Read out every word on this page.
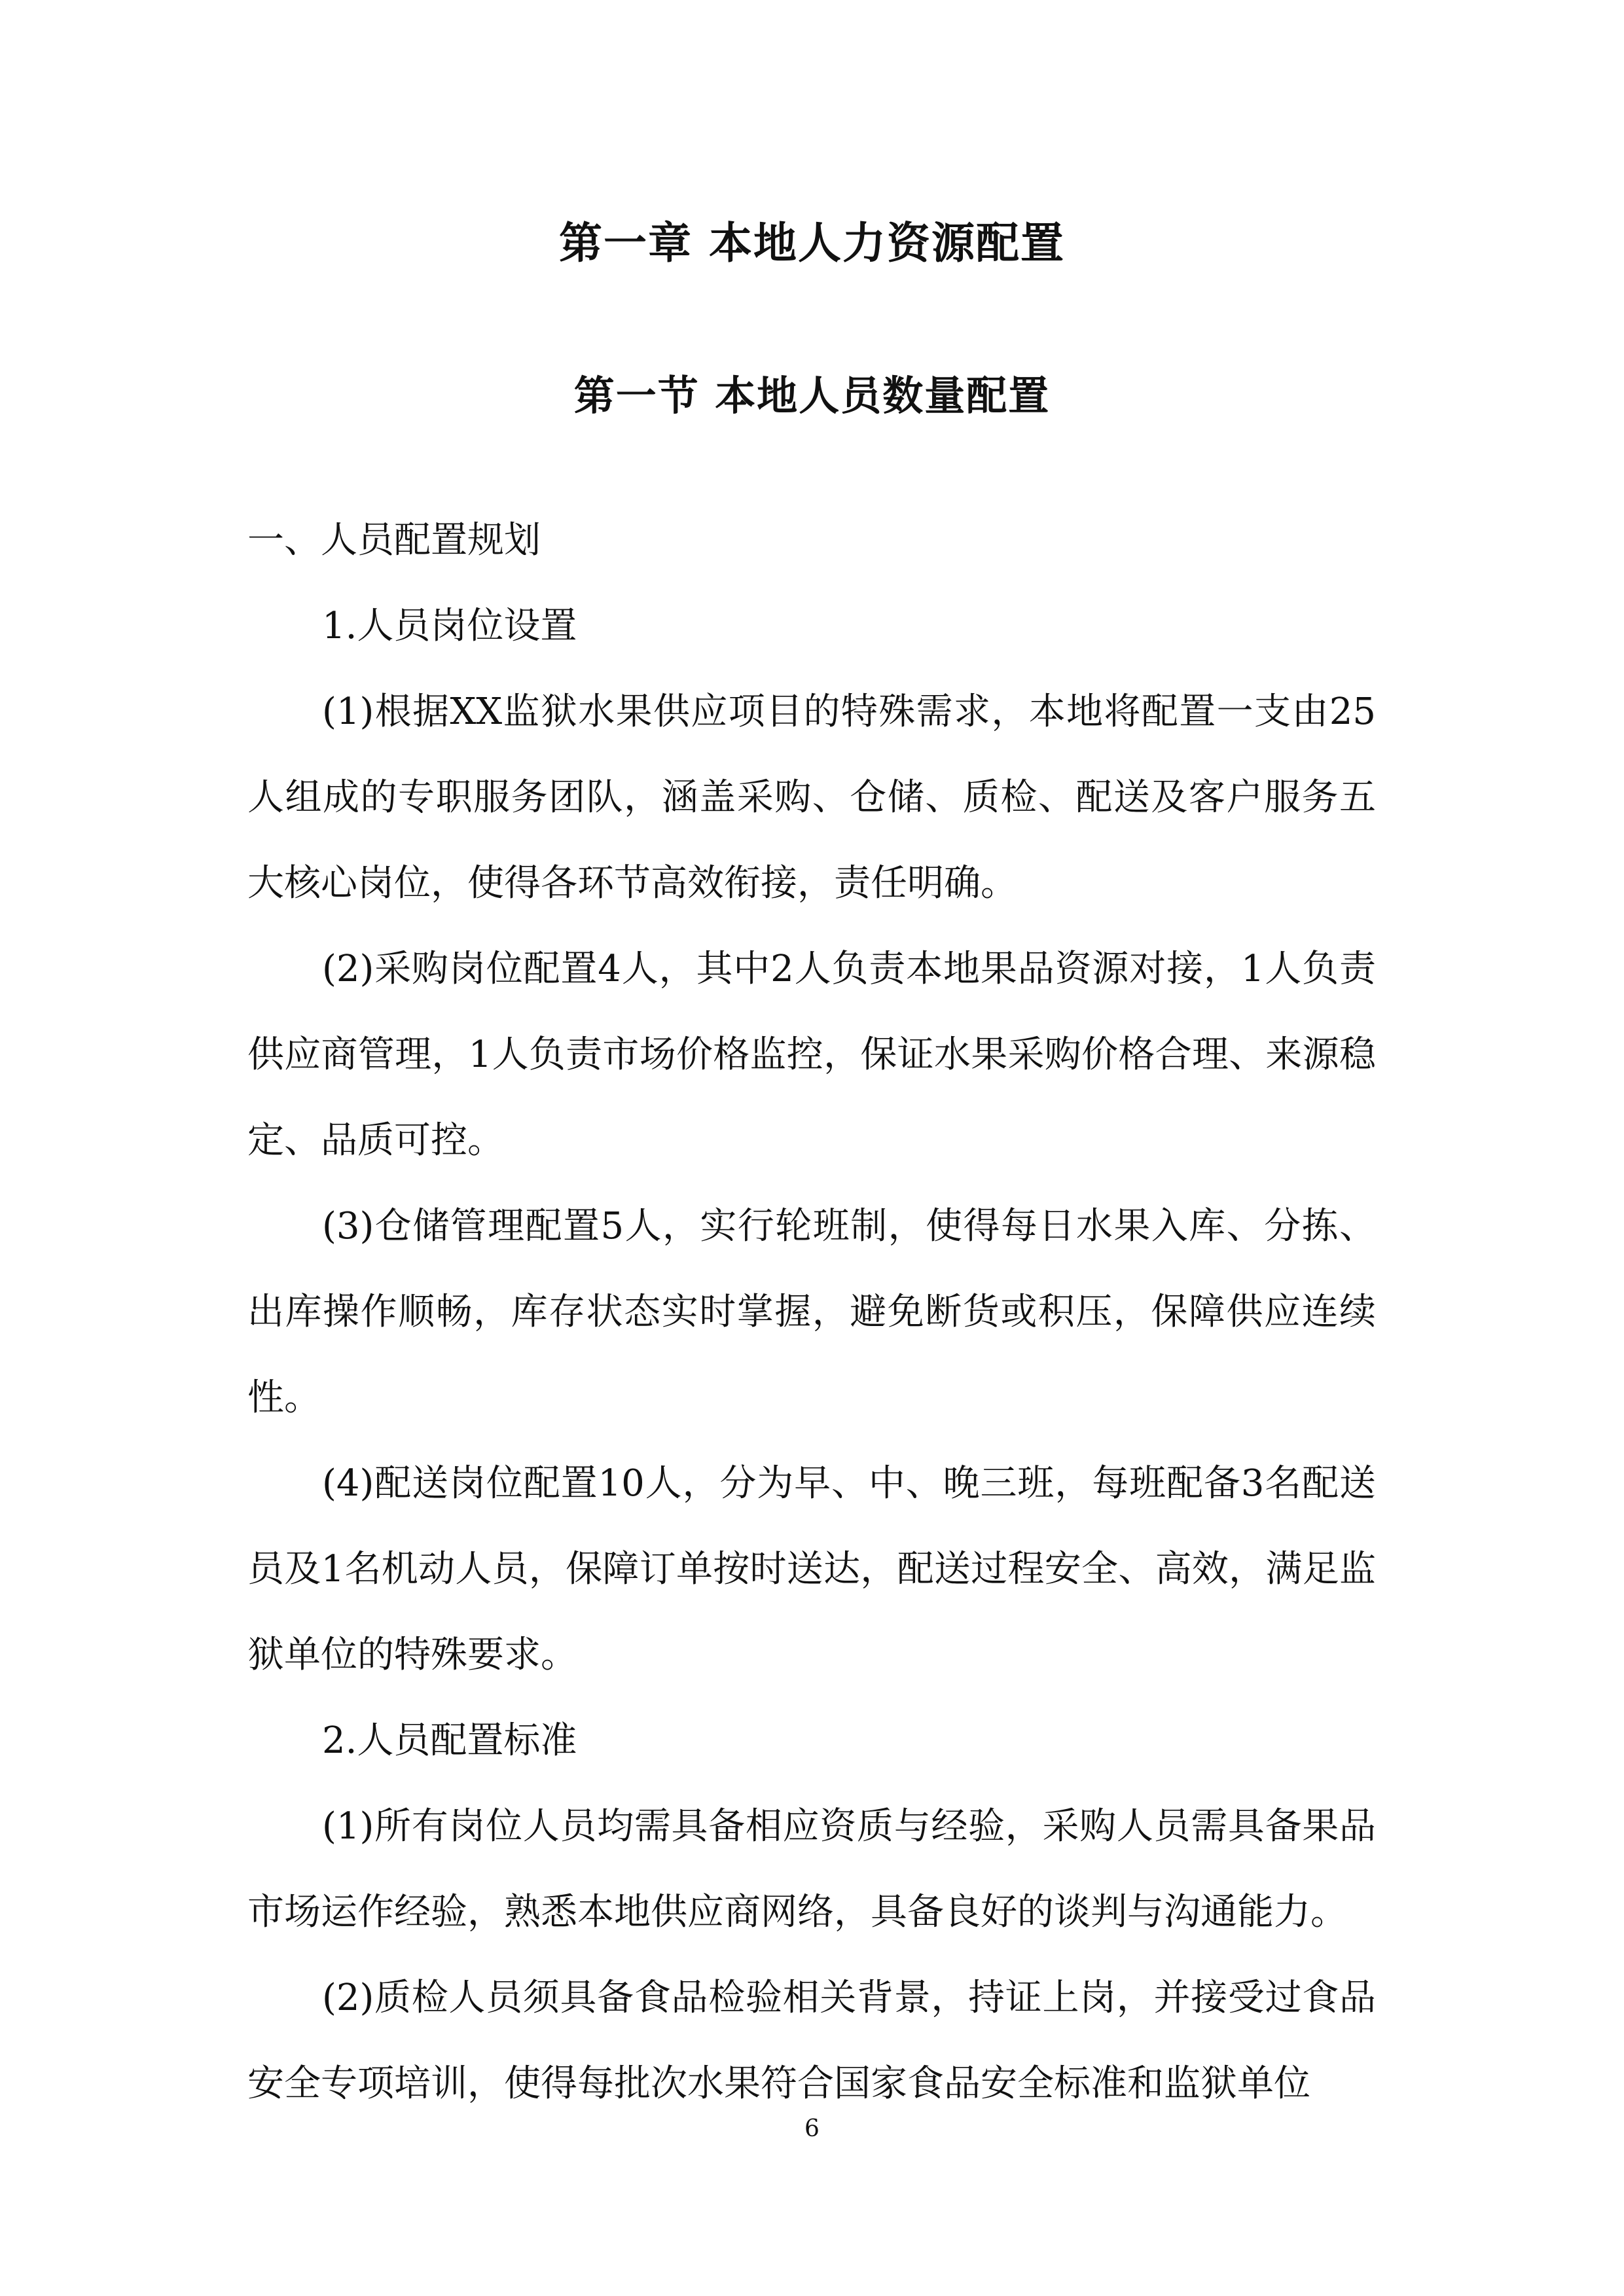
第一章 本地人力资源配置
第一节 本地人员数量配置

一、人员配置规划

1.人员岗位设置

(1)根据XX监狱水果供应项目的特殊需求，本地将配置一支由25人组成的专职服务团队，涵盖采购、仓储、质检、配送及客户服务五大核心岗位，使得各环节高效衔接，责任明确。

(2)采购岗位配置4人，其中2人负责本地果品资源对接，1人负责供应商管理，1人负责市场价格监控，保证水果采购价格合理、来源稳定、品质可控。

(3)仓储管理配置5人，实行轮班制，使得每日水果入库、分拣、出库操作顺畅，库存状态实时掌握，避免断货或积压，保障供应连续性。

(4)配送岗位配置10人，分为早、中、晚三班，每班配备3名配送员及1名机动人员，保障订单按时送达，配送过程安全、高效，满足监狱单位的特殊要求。

2.人员配置标准

(1)所有岗位人员均需具备相应资质与经验，采购人员需具备果品市场运作经验，熟悉本地供应商网络，具备良好的谈判与沟通能力。

(2)质检人员须具备食品检验相关背景，持证上岗，并接受过食品安全专项培训，使得每批次水果符合国家食品安全标准和监狱单位

6
